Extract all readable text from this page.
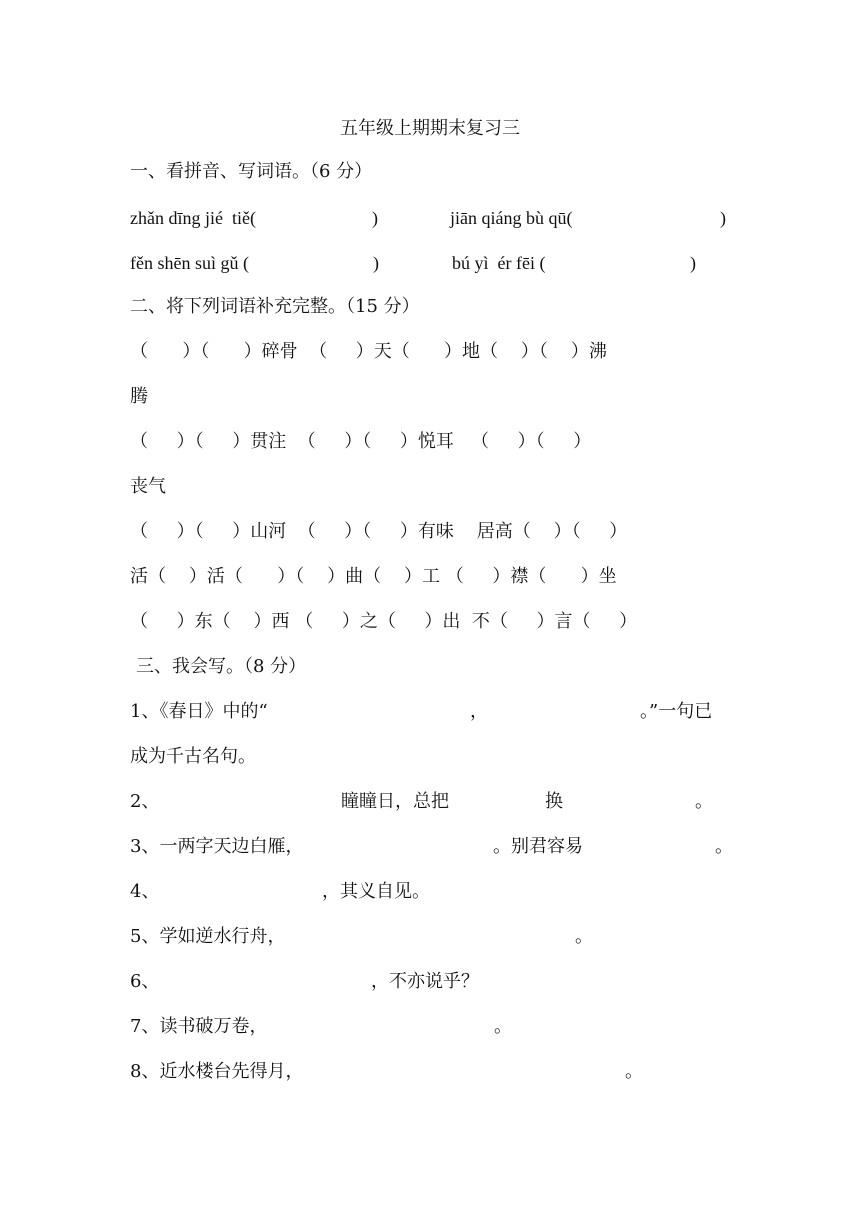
五年级上期期末复习三
一、看拼音、写词语。（6 分）
zhǎn dīng jié  tiě(	)	jiān qiáng bù qū(	)
fěn shēn suì gǔ (	)	bú yì  ér fēi (	)
二、将下列词语补充完整。（15 分）
（      ）（      ）碎骨  （     ）天（      ）地（    ）（    ）沸
腾
（     ）（     ）贯注  （     ）（     ）悦耳   （     ）（     ）
丧气
（     ）（     ）山河  （     ）（     ）有味    居高（    ）（     ）
活（    ）活（      ）（    ）曲（    ）工 （     ）襟（      ）坐
（     ）东（    ）西 （     ）之（     ）出  不（     ）言（     ）
三、我会写。（8 分）
1、《春日》中的“	，	。”一句已
成为千古名句。
2、	瞳瞳日，总把	换	。
3、一两字天边白雁，	。别君容易	。
4、	，其义自见。
5、学如逆水行舟，	。
6、	，不亦说乎？
7、读书破万卷，	。
8、近水楼台先得月，	。
